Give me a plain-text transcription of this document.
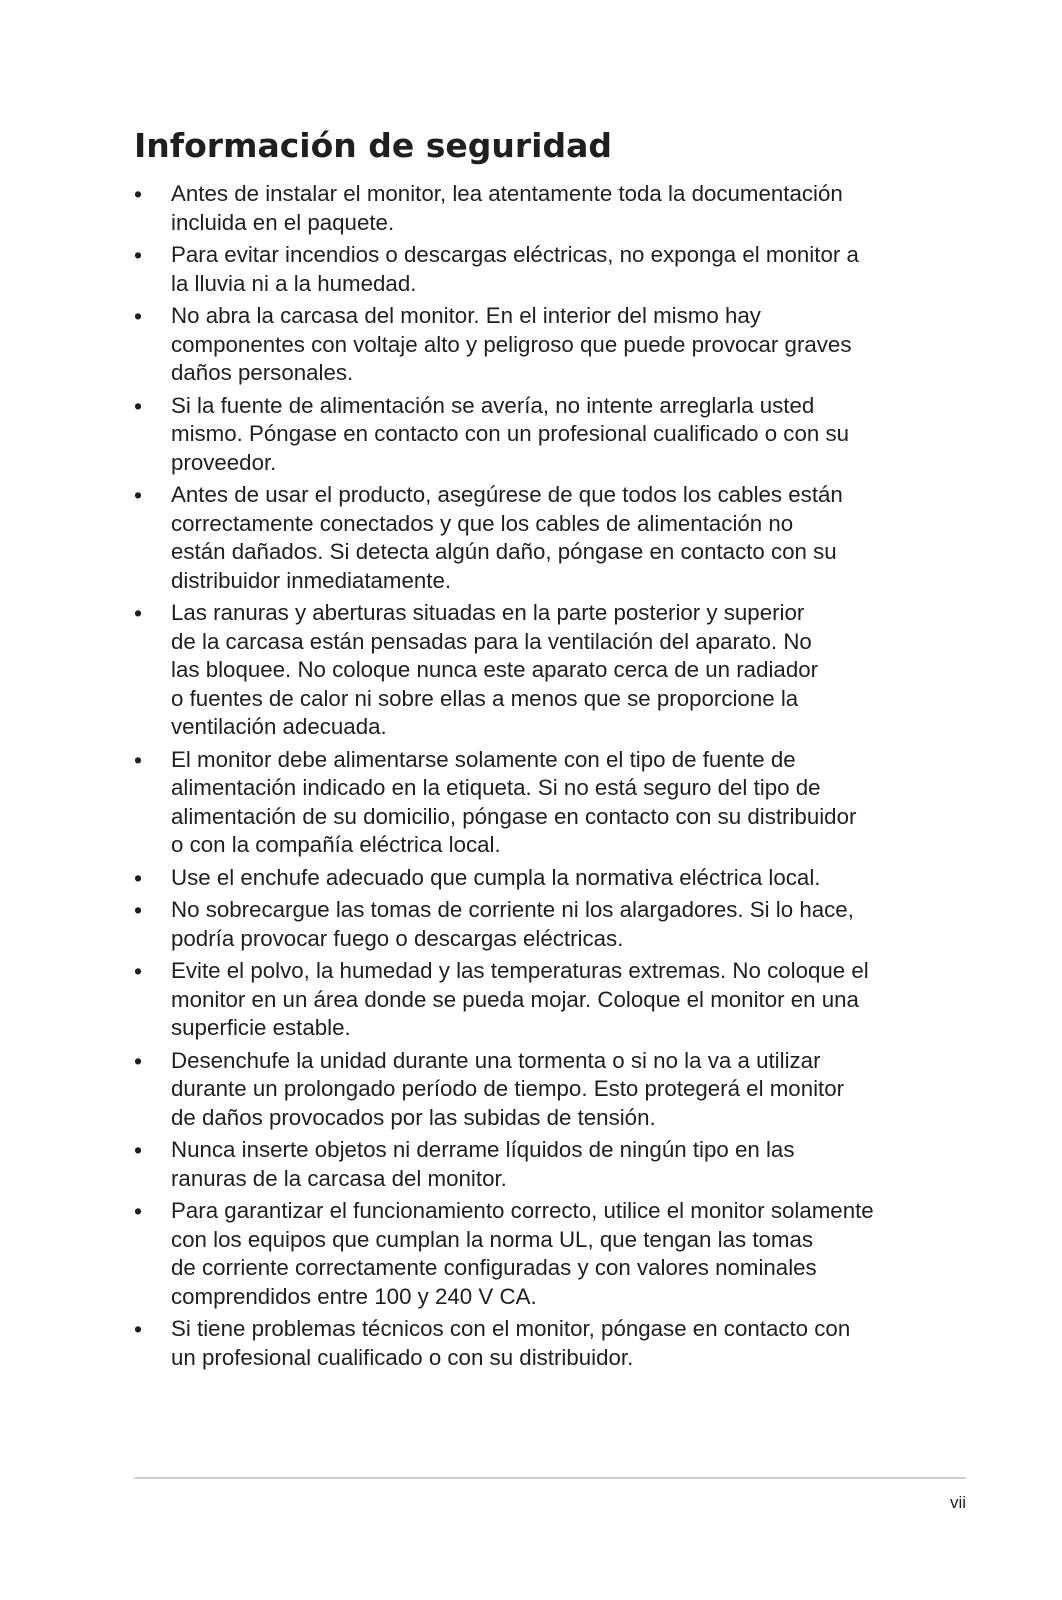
Información de seguridad
• Antes de instalar el monitor, lea atentamente toda la documentación
incluida en el paquete.
• Para evitar incendios o descargas eléctricas, no exponga el monitor a
la lluvia ni a la humedad.
• No abra la carcasa del monitor. En el interior del mismo hay
componentes con voltaje alto y peligroso que puede provocar graves
daños personales.
• Si la fuente de alimentación se avería, no intente arreglarla usted
mismo. Póngase en contacto con un profesional cualificado o con su
proveedor.
• Antes de usar el producto, asegúrese de que todos los cables están
correctamente conectados y que los cables de alimentación no
están dañados. Si detecta algún daño, póngase en contacto con su
distribuidor inmediatamente.
• Las ranuras y aberturas situadas en la parte posterior y superior
de la carcasa están pensadas para la ventilación del aparato. No
las bloquee. No coloque nunca este aparato cerca de un radiador
o fuentes de calor ni sobre ellas a menos que se proporcione la
ventilación adecuada.
• El monitor debe alimentarse solamente con el tipo de fuente de
alimentación indicado en la etiqueta. Si no está seguro del tipo de
alimentación de su domicilio, póngase en contacto con su distribuidor
o con la compañía eléctrica local.
• Use el enchufe adecuado que cumpla la normativa eléctrica local.
• No sobrecargue las tomas de corriente ni los alargadores. Si lo hace,
podría provocar fuego o descargas eléctricas.
• Evite el polvo, la humedad y las temperaturas extremas. No coloque el
monitor en un área donde se pueda mojar. Coloque el monitor en una
superficie estable.
• Desenchufe la unidad durante una tormenta o si no la va a utilizar
durante un prolongado período de tiempo. Esto protegerá el monitor
de daños provocados por las subidas de tensión.
• Nunca inserte objetos ni derrame líquidos de ningún tipo en las
ranuras de la carcasa del monitor.
• Para garantizar el funcionamiento correcto, utilice el monitor solamente
con los equipos que cumplan la norma UL, que tengan las tomas
de corriente correctamente configuradas y con valores nominales
comprendidos entre 100 y 240 V CA.
• Si tiene problemas técnicos con el monitor, póngase en contacto con
un profesional cualificado o con su distribuidor.
vii
